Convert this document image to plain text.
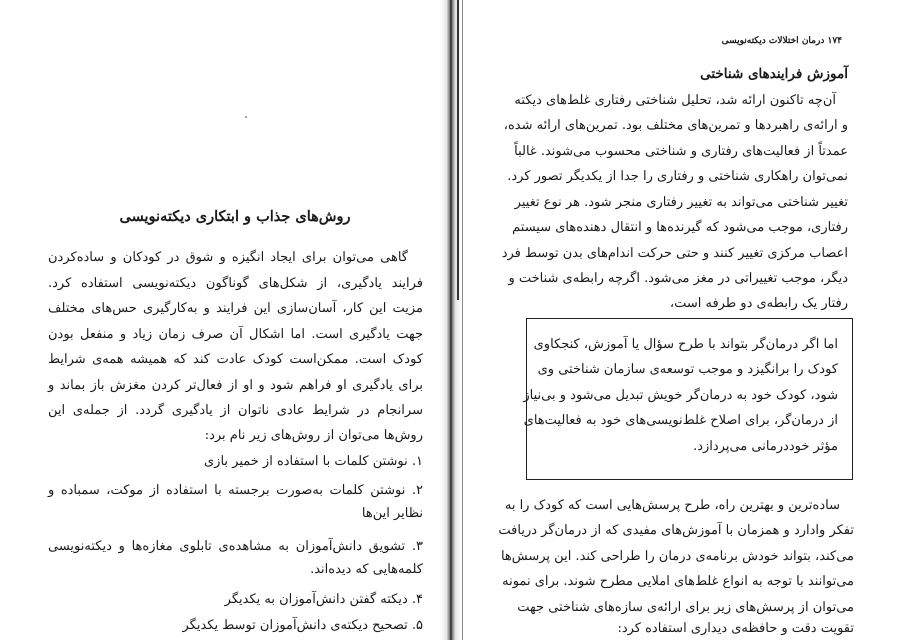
روش‌های جذاب و ابتکاری دیکته‌نویسی
گاهی می‌توان برای ایجاد انگیزه و شوق در کودکان و ساده‌کردن
فرایند یادگیری، از شکل‌های گوناگون دیکته‌نویسی استفاده کرد.
مزیت این کار، آسان‌سازی این فرایند و به‌کارگیری حس‌های مختلف
جهت یادگیری است. اما اشکال آن صرف زمان زیاد و منفعل بودن
کودک است. ممکن‌است کودک عادت کند که همیشه همه‌ی شرایط
برای یادگیری او فراهم شود و او از فعال‌تر کردن مغزش باز بماند و
سرانجام در شرایط عادی ناتوان از یادگیری گردد. از جمله‌ی این
روش‌ها می‌توان از روش‌های زیر نام برد:
۱. نوشتن کلمات با استفاده از خمیر بازی
۲. نوشتن کلمات به‌صورت برجسته با استفاده از موکت، سمباده و
نظایر این‌ها
۳. تشویق دانش‌آموزان به مشاهده‌ی تابلوی مغازه‌ها و دیکته‌نویسی
کلمه‌هایی که دیده‌اند.
۴. دیکته گفتن دانش‌آموزان به یکدیگر
۵. تصحیح دیکته‌ی دانش‌آموزان توسط یکدیگر
۱۷۴ درمان اختلالات دیکته‌نویسی
آموزش فرایندهای شناختی
آن‌چه تاکنون ارائه شد، تحلیل شناختی رفتاری غلط‌های دیکته
و ارائه‌ی راهبردها و تمرین‌های مختلف بود. تمرین‌های ارائه شده،
عمدتاً از فعالیت‌های رفتاری و شناختی محسوب می‌شوند. غالباً
نمی‌توان راهکاری شناختی و رفتاری را جدا از یکدیگر تصور کرد.
تغییر شناختی می‌تواند به تغییر رفتاری منجر شود. هر نوع تغییر
رفتاری، موجب می‌شود که گیرنده‌ها و انتقال دهنده‌های سیستم
اعصاب مرکزی تغییر کنند و حتی حرکت اندام‌های بدن توسط فرد
دیگر، موجب تغییراتی در مغز می‌شود. اگرچه رابطه‌ی شناخت و
رفتار یک رابطه‌ی دو طرفه است،
اما اگر درمان‌گر بتواند با طرح سؤال یا آموزش، کنجکاوی
کودک را برانگیزد و موجب توسعه‌ی سازمان شناختی وی
شود، کودک خود به درمان‌گر خویش تبدیل می‌شود و بی‌نیاز
از درمان‌گر، برای اصلاح غلط‌نویسی‌های خود به فعالیت‌های
مؤثر خوددرمانی می‌پردازد.
ساده‌ترین و بهترین راه، طرح پرسش‌هایی است که کودک را به
تفکر وادارد و همزمان با آموزش‌های مفیدی که از درمان‌گر دریافت
می‌کند، بتواند خودش برنامه‌ی درمان را طراحی کند. این پرسش‌ها
می‌توانند با توجه به انواع غلط‌های املایی مطرح شوند. برای نمونه
می‌توان از پرسش‌های زیر برای ارائه‌ی سازه‌های شناختی جهت
تقویت دقت و حافظه‌ی دیداری استفاده کرد:
